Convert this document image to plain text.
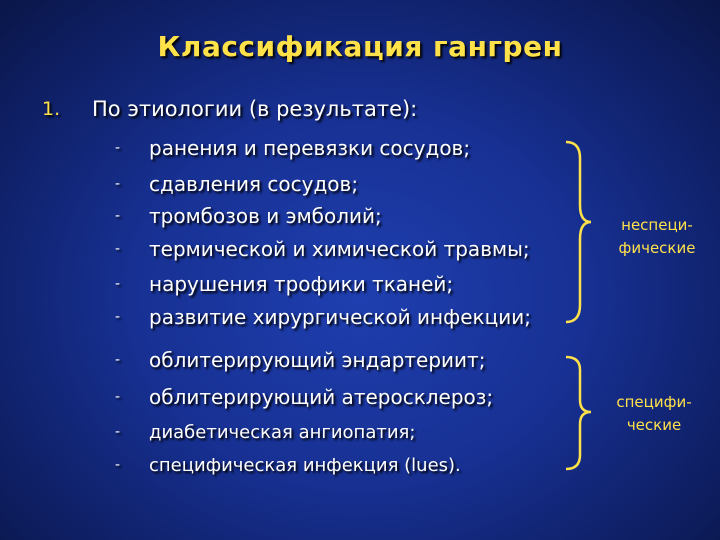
Классификация гангрен
1.	По этиологии (в результате):
-	ранения и перевязки сосудов;
-	сдавления сосудов;
-	тромбозов и эмболий;
-	термической и химической травмы;
-	нарушения трофики тканей;
-	развитие хирургической инфекции;
-	облитерирующий эндартериит;
-	облитерирующий атеросклероз;
-	диабетическая ангиопатия;
-	специфическая инфекция (lues).
неспеци-
фические
специфи-
ческие
